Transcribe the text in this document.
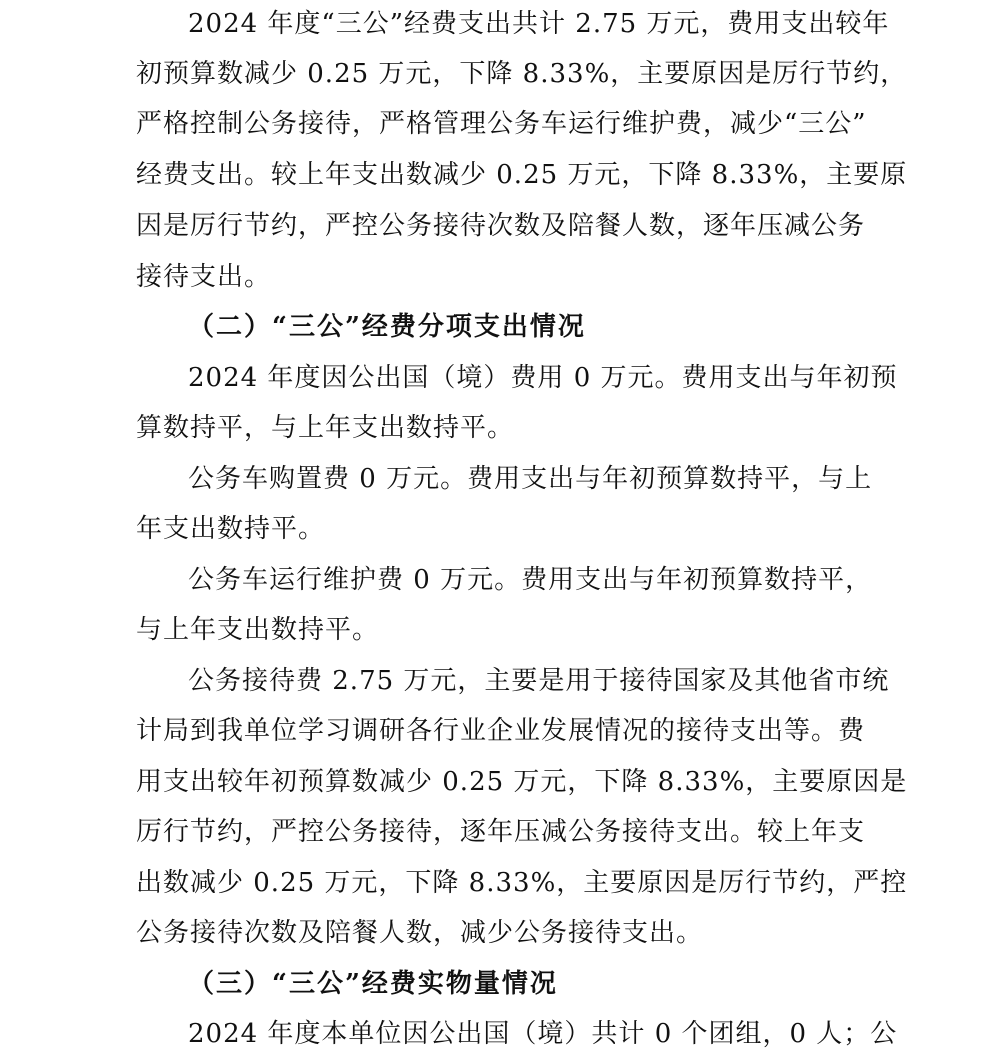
2024 年度“三公”经费支出共计 2.75 万元，费用支出较年
初预算数减少 0.25 万元，下降 8.33%，主要原因是厉行节约，
严格控制公务接待，严格管理公务车运行维护费，减少“三公”
经费支出。较上年支出数减少 0.25 万元，下降 8.33%，主要原
因是厉行节约，严控公务接待次数及陪餐人数，逐年压减公务
接待支出。
（二）“三公”经费分项支出情况
2024 年度因公出国（境）费用 0 万元。费用支出与年初预
算数持平，与上年支出数持平。
公务车购置费 0 万元。费用支出与年初预算数持平，与上
年支出数持平。
公务车运行维护费 0 万元。费用支出与年初预算数持平，
与上年支出数持平。
公务接待费 2.75 万元，主要是用于接待国家及其他省市统
计局到我单位学习调研各行业企业发展情况的接待支出等。费
用支出较年初预算数减少 0.25 万元，下降 8.33%，主要原因是
厉行节约，严控公务接待，逐年压减公务接待支出。较上年支
出数减少 0.25 万元，下降 8.33%，主要原因是厉行节约，严控
公务接待次数及陪餐人数，减少公务接待支出。
（三）“三公”经费实物量情况
2024 年度本单位因公出国（境）共计 0 个团组，0 人；公
